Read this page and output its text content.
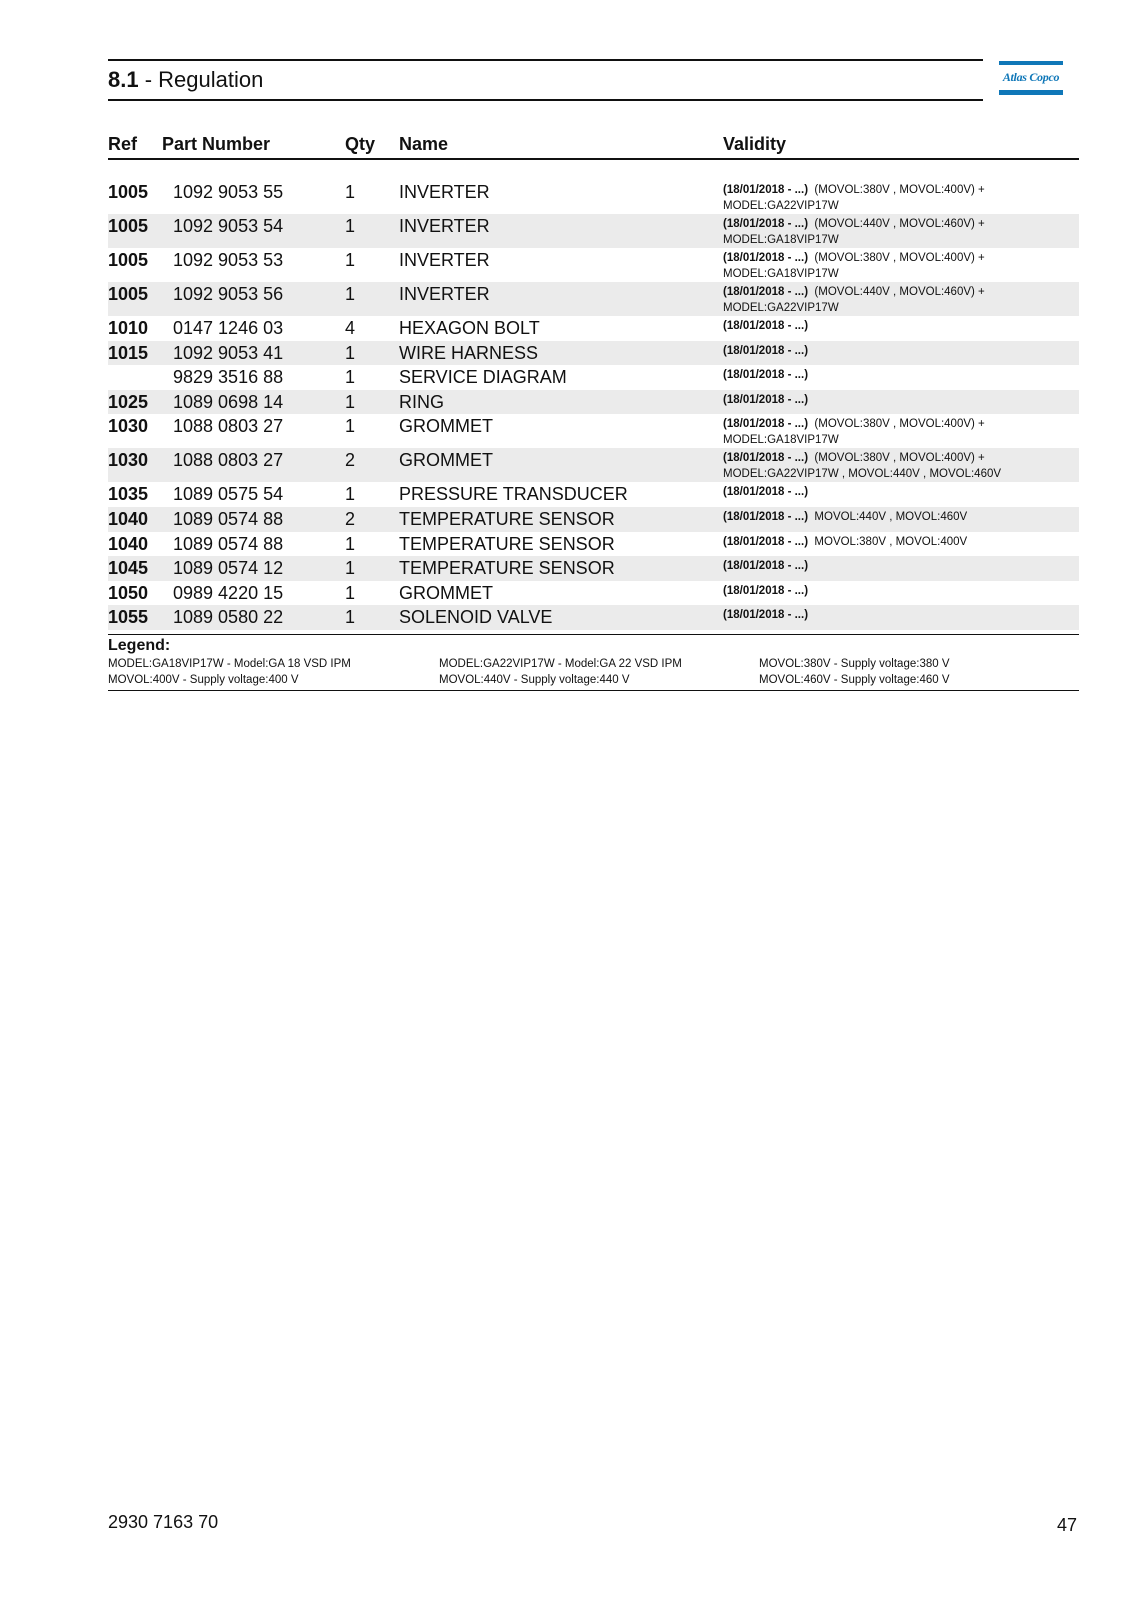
8.1 - Regulation	Atlas Copco
Ref Part Number	Qty Name	Validity
1005 1092 9053 55	1 INVERTER	(18/01/2018 - ...) (MOVOL:380V , MOVOL:400V) +
MODEL:GA22VIP17W
1005 1092 9053 54	1 INVERTER	(18/01/2018 - ...) (MOVOL:440V , MOVOL:460V) +
MODEL:GA18VIP17W
1005 1092 9053 53	1 INVERTER	(18/01/2018 - ...) (MOVOL:380V , MOVOL:400V) +
MODEL:GA18VIP17W
1005 1092 9053 56	1 INVERTER	(18/01/2018 - ...) (MOVOL:440V , MOVOL:460V) +
MODEL:GA22VIP17W
1010 0147 1246 03	4 HEXAGON BOLT	(18/01/2018 - ...)
1015 1092 9053 41	1 WIRE HARNESS	(18/01/2018 - ...)
9829 3516 88	1 SERVICE DIAGRAM	(18/01/2018 - ...)
1025 1089 0698 14	1 RING	(18/01/2018 - ...)
1030 1088 0803 27	1 GROMMET	(18/01/2018 - ...) (MOVOL:380V , MOVOL:400V) +
MODEL:GA18VIP17W
1030 1088 0803 27	2 GROMMET	(18/01/2018 - ...) (MOVOL:380V , MOVOL:400V) +
MODEL:GA22VIP17W , MOVOL:440V , MOVOL:460V
1035 1089 0575 54	1 PRESSURE TRANSDUCER	(18/01/2018 - ...)
1040 1089 0574 88	2 TEMPERATURE SENSOR	(18/01/2018 - ...) MOVOL:440V , MOVOL:460V
1040 1089 0574 88	1 TEMPERATURE SENSOR	(18/01/2018 - ...) MOVOL:380V , MOVOL:400V
1045 1089 0574 12	1 TEMPERATURE SENSOR	(18/01/2018 - ...)
1050 0989 4220 15	1 GROMMET	(18/01/2018 - ...)
1055 1089 0580 22	1 SOLENOID VALVE	(18/01/2018 - ...)
Legend:
MODEL:GA18VIP17W - Model:GA 18 VSD IPM	MODEL:GA22VIP17W - Model:GA 22 VSD IPM	MOVOL:380V - Supply voltage:380 V
MOVOL:400V - Supply voltage:400 V	MOVOL:440V - Supply voltage:440 V	MOVOL:460V - Supply voltage:460 V
2930 7163 70	47
